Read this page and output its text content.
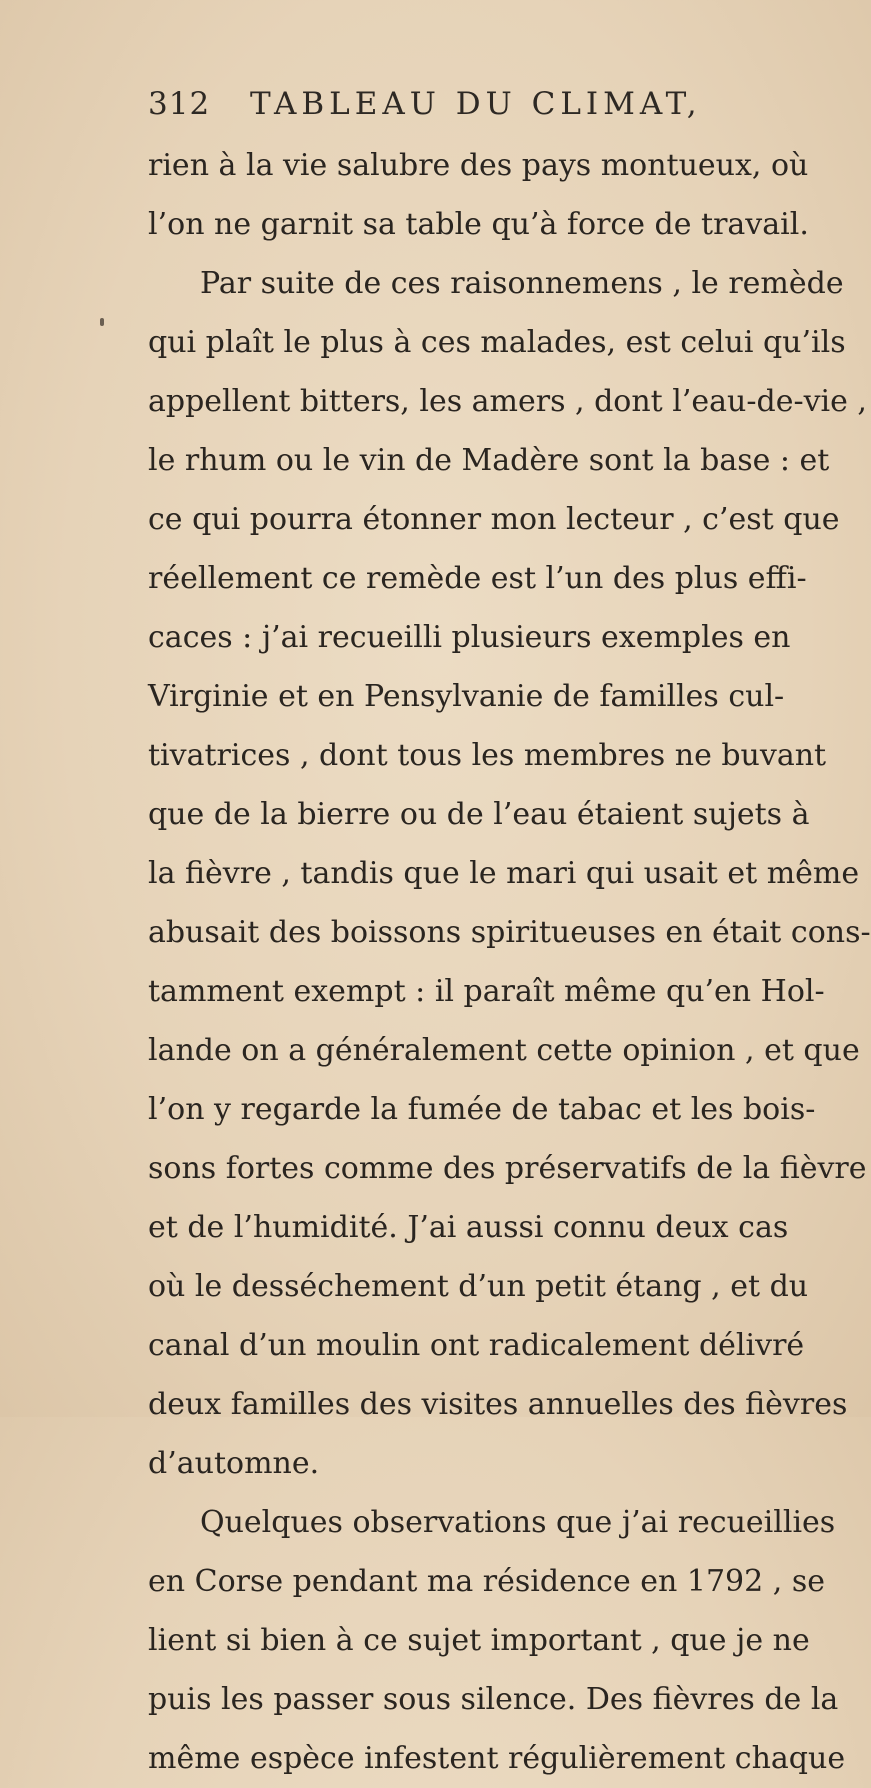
312 TABLEAU DU CLIMAT,
rien à la vie salubre des pays montueux, où
l’on ne garnit sa table qu’à force de travail.
Par suite de ces raisonnemens , le remède
qui plaît le plus à ces malades, est celui qu’ils
appellent bitters, les amers , dont l’eau-de-vie ,
le rhum ou le vin de Madère sont la base : et
ce qui pourra étonner mon lecteur , c’est que
réellement ce remède est l’un des plus effi-
caces : j’ai recueilli plusieurs exemples en
Virginie et en Pensylvanie de familles cul-
tivatrices , dont tous les membres ne buvant
que de la bierre ou de l’eau étaient sujets à
la fièvre , tandis que le mari qui usait et même
abusait des boissons spiritueuses en était cons-
tamment exempt : il paraît même qu’en Hol-
lande on a généralement cette opinion , et que
l’on y regarde la fumée de tabac et les bois-
sons fortes comme des préservatifs de la fièvre
et de l’humidité. J’ai aussi connu deux cas
où le desséchement d’un petit étang , et du
canal d’un moulin ont radicalement délivré
deux familles des visites annuelles des fièvres
d’automne.
Quelques observations que j’ai recueillies
en Corse pendant ma résidence en 1792 , se
lient si bien à ce sujet important , que je ne
puis les passer sous silence. Des fièvres de la
même espèce infestent régulièrement chaque
